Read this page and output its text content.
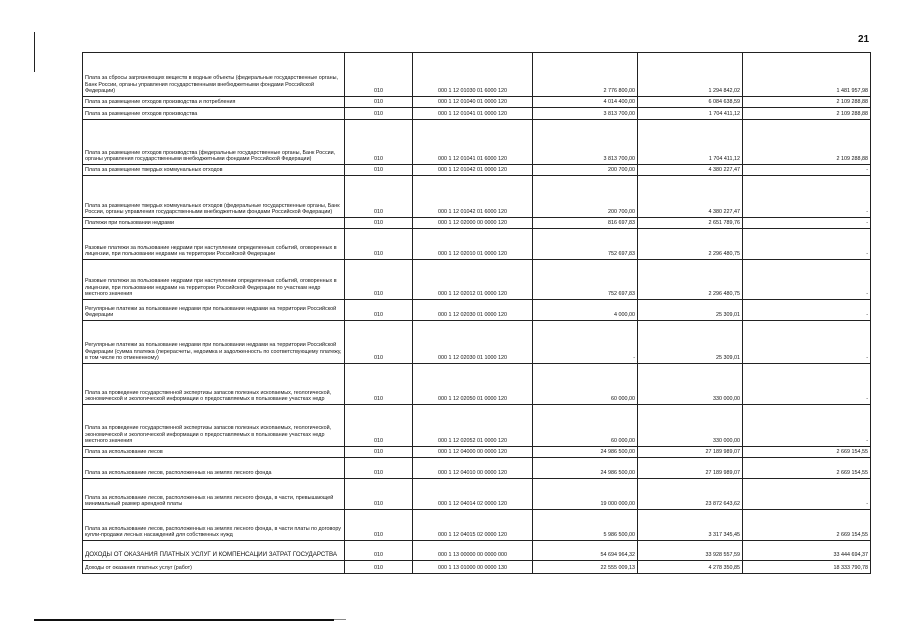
21
Плата за сбросы загрязняющих веществ в водные объекты (федеральные государственные органы, Банк России, органы управления государственными внебюджетными фондами Российской Федерации)	010	000 1 12 01030 01 6000 120	2 776 800,00	1 294 842,02	1 481 957,98
Плата за размещение отходов производства и потребления	010	000 1 12 01040 01 0000 120	4 014 400,00	6 084 638,59	2 109 288,88
Плата за размещение отходов производства	010	000 1 12 01041 01 0000 120	3 813 700,00	1 704 411,12	2 109 288,88
Плата за размещение отходов производства (федеральные государственные органы, Банк России, органы управления государственными внебюджетными фондами Российской Федерации)	010	000 1 12 01041 01 6000 120	3 813 700,00	1 704 411,12	2 109 288,88
Плата за размещение твердых коммунальных отходов	010	000 1 12 01042 01 0000 120	200 700,00	4 380 227,47	-
Плата за размещение твердых коммунальных отходов (федеральные государственные органы, Банк России, органы управления государственными внебюджетными фондами Российской Федерации)	010	000 1 12 01042 01 6000 120	200 700,00	4 380 227,47	-
Платежи при пользовании недрами	010	000 1 12 02000 00 0000 120	816 697,83	2 651 789,76	-
Разовые платежи за пользование недрами при наступлении определенных событий, оговоренных в лицензии, при пользовании недрами на территории Российской Федерации	010	000 1 12 02010 01 0000 120	752 697,83	2 296 480,75	-
Разовые платежи за пользование недрами при наступлении определенных событий, оговоренных в лицензии, при пользовании недрами на территории Российской Федерации по участкам недр местного значения	010	000 1 12 02012 01 0000 120	752 697,83	2 296 480,75	-
Регулярные платежи за пользование недрами при пользовании недрами на территории Российской Федерации	010	000 1 12 02030 01 0000 120	4 000,00	25 309,01	-
Регулярные платежи за пользование недрами при пользовании недрами на территории Российской Федерации (сумма платежа (перерасчеты, недоимка и задолженность по соответствующему платежу, в том числе по отмененному)	010	000 1 12 02030 01 1000 120	-	25 309,01	-
Плата за проведение государственной экспертизы запасов полезных ископаемых, геологической, экономической и экологической информации о предоставляемых в пользование участках недр	010	000 1 12 02050 01 0000 120	60 000,00	330 000,00	-
Плата за проведение государственной экспертизы запасов полезных ископаемых, геологической, экономической и экологической информации о предоставляемых в пользование участках недр местного значения	010	000 1 12 02052 01 0000 120	60 000,00	330 000,00	-
Плата за использование лесов	010	000 1 12 04000 00 0000 120	24 986 500,00	27 189 989,07	2 669 154,55
Плата за использование лесов, расположенных на землях лесного фонда	010	000 1 12 04010 00 0000 120	24 986 500,00	27 189 989,07	2 669 154,55
Плата за использование лесов, расположенных на землях лесного фонда, в части, превышающей минимальный размер арендной платы	010	000 1 12 04014 02 0000 120	19 000 000,00	23 872 643,62	-
Плата за использование лесов, расположенных на землях лесного фонда, в части платы по договору купли-продажи лесных насаждений для собственных нужд	010	000 1 12 04015 02 0000 120	5 986 500,00	3 317 345,45	2 669 154,55
ДОХОДЫ ОТ ОКАЗАНИЯ ПЛАТНЫХ УСЛУГ И КОМПЕНСАЦИИ ЗАТРАТ ГОСУДАРСТВА	010	000 1 13 00000 00 0000 000	54 694 964,32	33 928 557,59	33 444 694,37
Доходы от оказания платных услуг (работ)	010	000 1 13 01000 00 0000 130	22 555 009,13	4 278 350,85	18 333 790,78
